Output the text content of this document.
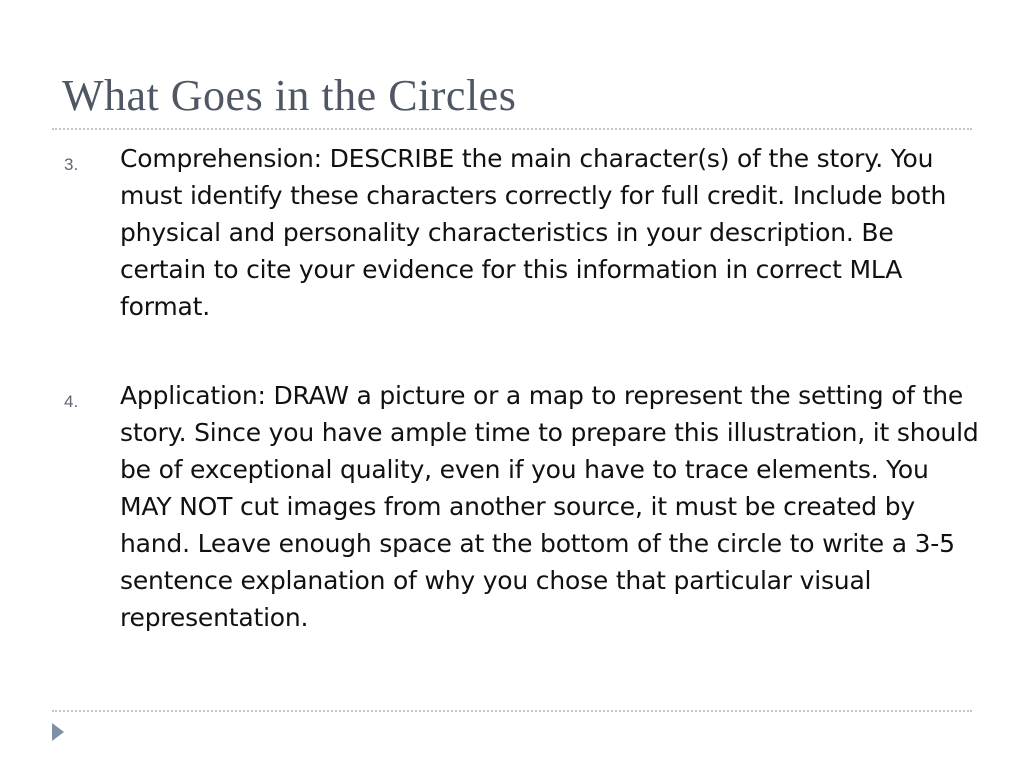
What Goes in the Circles
3. Comprehension: DESCRIBE the main character(s) of the story. You must identify these characters correctly for full credit. Include both physical and personality characteristics in your description. Be certain to cite your evidence for this information in correct MLA format.

4. Application: DRAW a picture or a map to represent the setting of the story. Since you have ample time to prepare this illustration, it should be of exceptional quality, even if you have to trace elements. You MAY NOT cut images from another source, it must be created by hand. Leave enough space at the bottom of the circle to write a 3-5 sentence explanation of why you chose that particular visual representation.
